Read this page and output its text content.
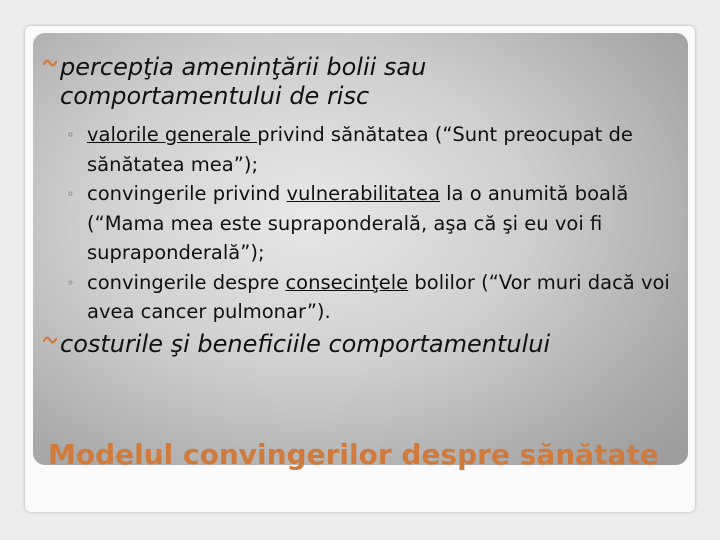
percepţia ameninţării bolii sau
comportamentului de risc

◦ valorile generale privind sănătatea (“Sunt preocupat de sănătatea mea”);

◦ convingerile privind vulnerabilitatea la o anumită boală (“Mama mea este supraponderală, aşa că şi eu voi fi supraponderală”);

◦ convingerile despre consecinţele bolilor (“Vor muri dacă voi avea cancer pulmonar”).

costurile şi beneficiile comportamentului
Modelul convingerilor despre sănătate
